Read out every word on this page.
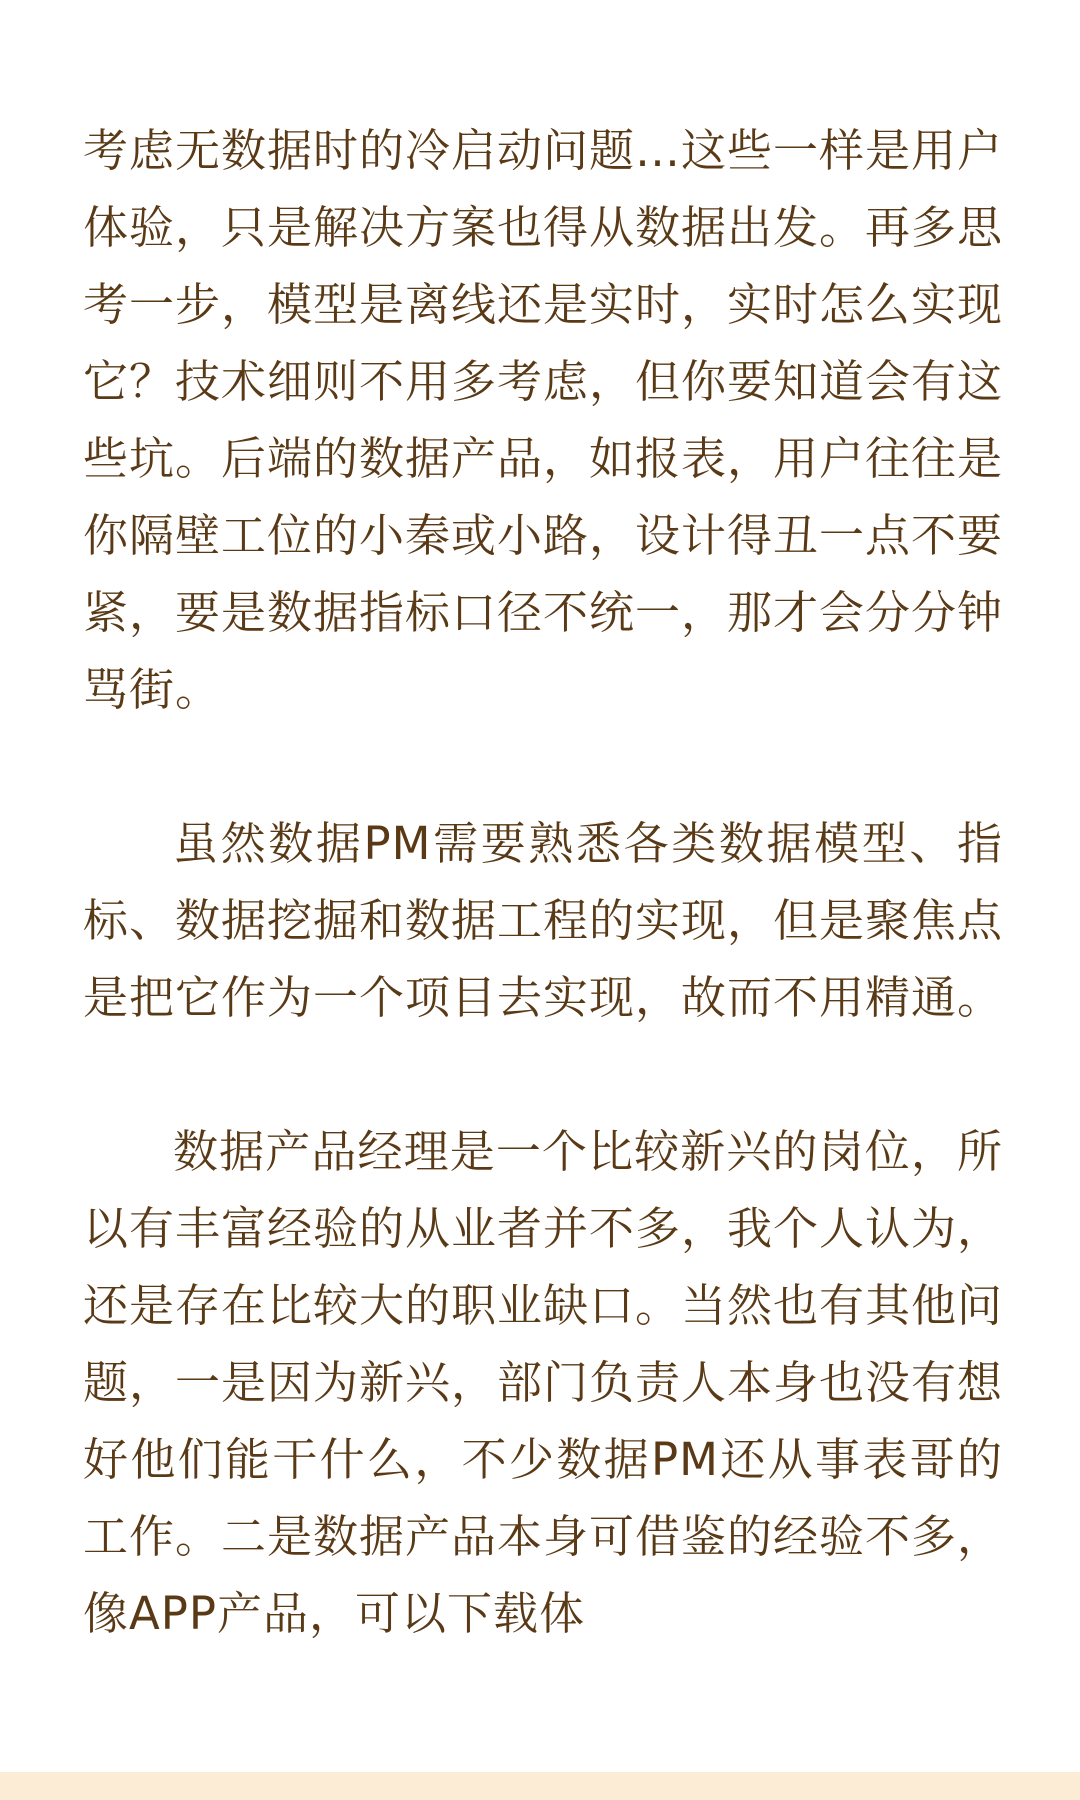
考虑无数据时的冷启动问题…这些一样是用户体验，只是解决方案也得从数据出发。再多思考一步，模型是离线还是实时，实时怎么实现它？技术细则不用多考虑，但你要知道会有这些坑。后端的数据产品，如报表，用户往往是你隔壁工位的小秦或小路，设计得丑一点不要紧，要是数据指标口径不统一，那才会分分钟骂街。

虽然数据PM需要熟悉各类数据模型、指标、数据挖掘和数据工程的实现，但是聚焦点是把它作为一个项目去实现，故而不用精通。

数据产品经理是一个比较新兴的岗位，所以有丰富经验的从业者并不多，我个人认为，还是存在比较大的职业缺口。当然也有其他问题，一是因为新兴，部门负责人本身也没有想好他们能干什么，不少数据PM还从事表哥的工作。二是数据产品本身可借鉴的经验不多，像APP产品，可以下载体
